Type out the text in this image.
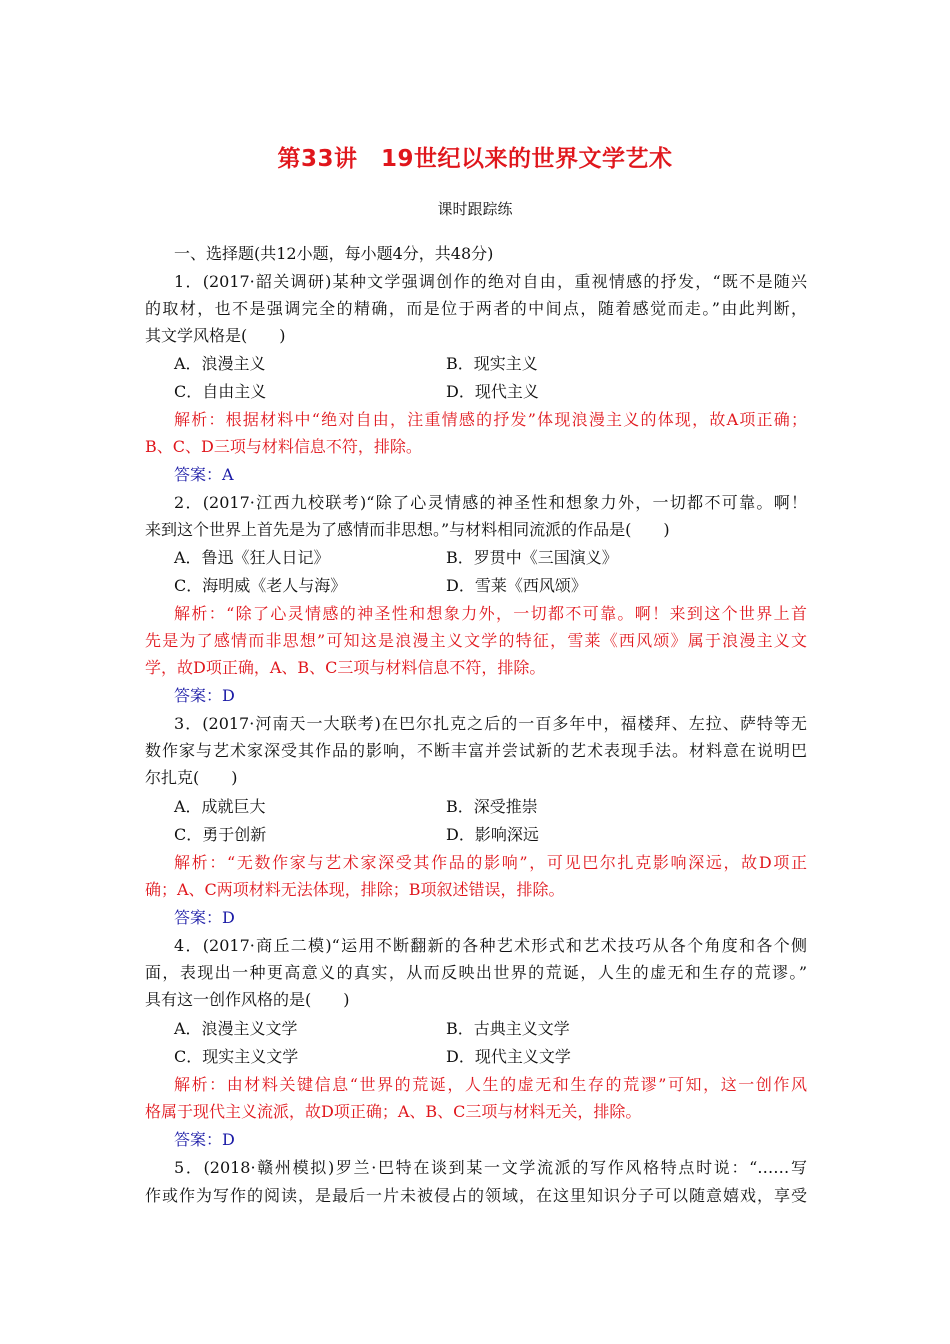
第33讲　19世纪以来的世界文学艺术
课时跟踪练
一、选择题(共12小题，每小题4分，共48分)
1．(2017·韶关调研)某种文学强调创作的绝对自由，重视情感的抒发，“既不是随兴
的取材，也不是强调完全的精确，而是位于两者的中间点，随着感觉而走。”由此判断，
其文学风格是(　　)
A．浪漫主义	B．现实主义
C．自由主义	D．现代主义
解析：根据材料中“绝对自由，注重情感的抒发”体现浪漫主义的体现，故A项正确；
B、C、D三项与材料信息不符，排除。
答案：A
2．(2017·江西九校联考)“除了心灵情感的神圣性和想象力外，一切都不可靠。啊！
来到这个世界上首先是为了感情而非思想。”与材料相同流派的作品是(　　)
A．鲁迅《狂人日记》	B．罗贯中《三国演义》
C．海明威《老人与海》	D．雪莱《西风颂》
解析：“除了心灵情感的神圣性和想象力外，一切都不可靠。啊！来到这个世界上首
先是为了感情而非思想”可知这是浪漫主义文学的特征，雪莱《西风颂》属于浪漫主义文
学，故D项正确，A、B、C三项与材料信息不符，排除。
答案：D
3．(2017·河南天一大联考)在巴尔扎克之后的一百多年中，福楼拜、左拉、萨特等无
数作家与艺术家深受其作品的影响，不断丰富并尝试新的艺术表现手法。材料意在说明巴
尔扎克(　　)
A．成就巨大	B．深受推崇
C．勇于创新	D．影响深远
解析：“无数作家与艺术家深受其作品的影响”，可见巴尔扎克影响深远，故D项正
确；A、C两项材料无法体现，排除；B项叙述错误，排除。
答案：D
4．(2017·商丘二模)“运用不断翻新的各种艺术形式和艺术技巧从各个角度和各个侧
面，表现出一种更高意义的真实，从而反映出世界的荒诞，人生的虚无和生存的荒谬。”
具有这一创作风格的是(　　)
A．浪漫主义文学	B．古典主义文学
C．现实主义文学	D．现代主义文学
解析：由材料关键信息“世界的荒诞，人生的虚无和生存的荒谬”可知，这一创作风
格属于现代主义流派，故D项正确；A、B、C三项与材料无关，排除。
答案：D
5．(2018·赣州模拟)罗兰·巴特在谈到某一文学流派的写作风格特点时说：“……写
作或作为写作的阅读，是最后一片未被侵占的领域，在这里知识分子可以随意嬉戏，享受
